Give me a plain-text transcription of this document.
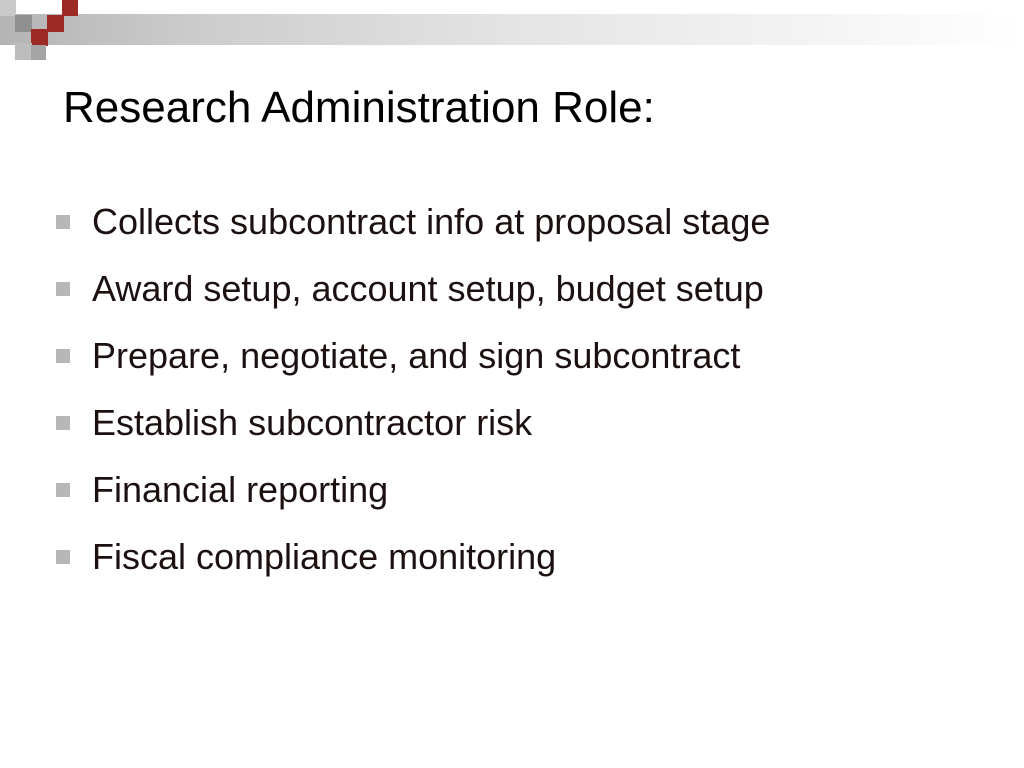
Research Administration Role:
Collects subcontract info at proposal stage
Award setup, account setup, budget setup
Prepare, negotiate, and sign subcontract
Establish subcontractor risk
Financial reporting
Fiscal compliance monitoring
